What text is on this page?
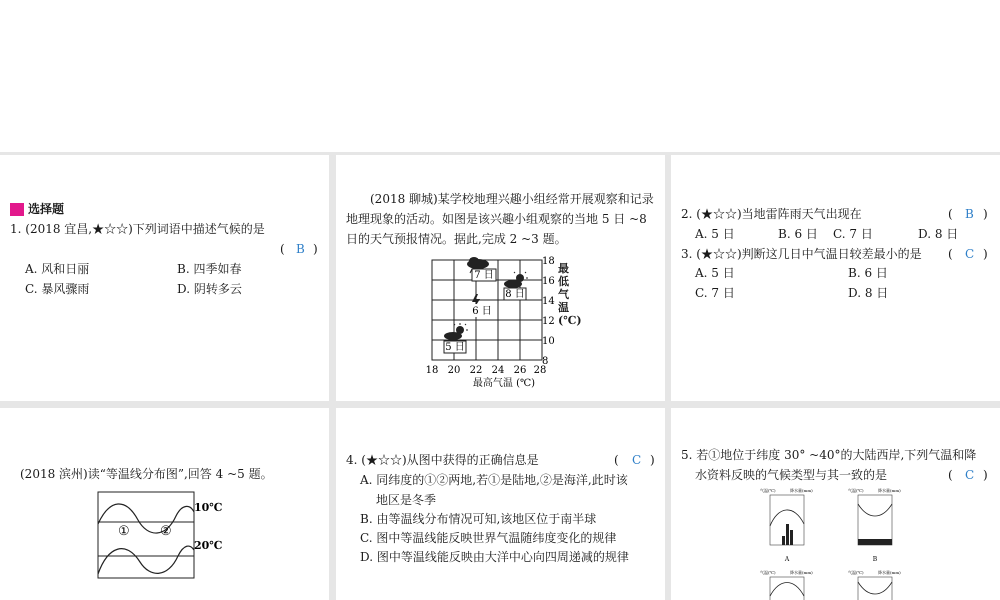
选择题
1. (2018 宜昌,★☆☆)下列词语中描述气候的是
( B )
A. 风和日丽	B. 四季如春
C. 暴风骤雨	D. 阴转多云
(2018 聊城)某学校地理兴趣小组经常开展观察和记录地理现象的活动。如图是该兴趣小组观察的当地 5 日 ~8 日的天气预报情况。据此,完成 2 ~3 题。
7 日
8 日
6 日
5 日
18 20 22 24 26 28
18
16
14
12
10
8
最高气温 (℃)
最低气温(℃)
2. (★☆☆)当地雷阵雨天气出现在	( B )
A. 5 日	B. 6 日 C. 7 日	D. 8 日
3. (★☆☆)判断这几日中气温日较差最小的是 ( C )
A. 5 日	B. 6 日
C. 7 日	D. 8 日
(2018 滨州)读“等温线分布图”,回答 4 ~5 题。
10℃
20℃
① ②
4. (★☆☆)从图中获得的正确信息是	( C )
A. 同纬度的①②两地,若①是陆地,②是海洋,此时该
地区是冬季
B. 由等温线分布情况可知,该地区位于南半球
C. 图中等温线能反映世界气温随纬度变化的规律
D. 图中等温线能反映由大洋中心向四周递减的规律
5. 若①地位于纬度 30° ~40°的大陆西岸,下列气温和降
水资料反映的气候类型与其一致的是	( C )
气温(℃)	降水量(mm)
A
气温(℃)	降水量(mm)
B
气温(℃)	降水量(mm)	气温(℃)	降水量(mm)
